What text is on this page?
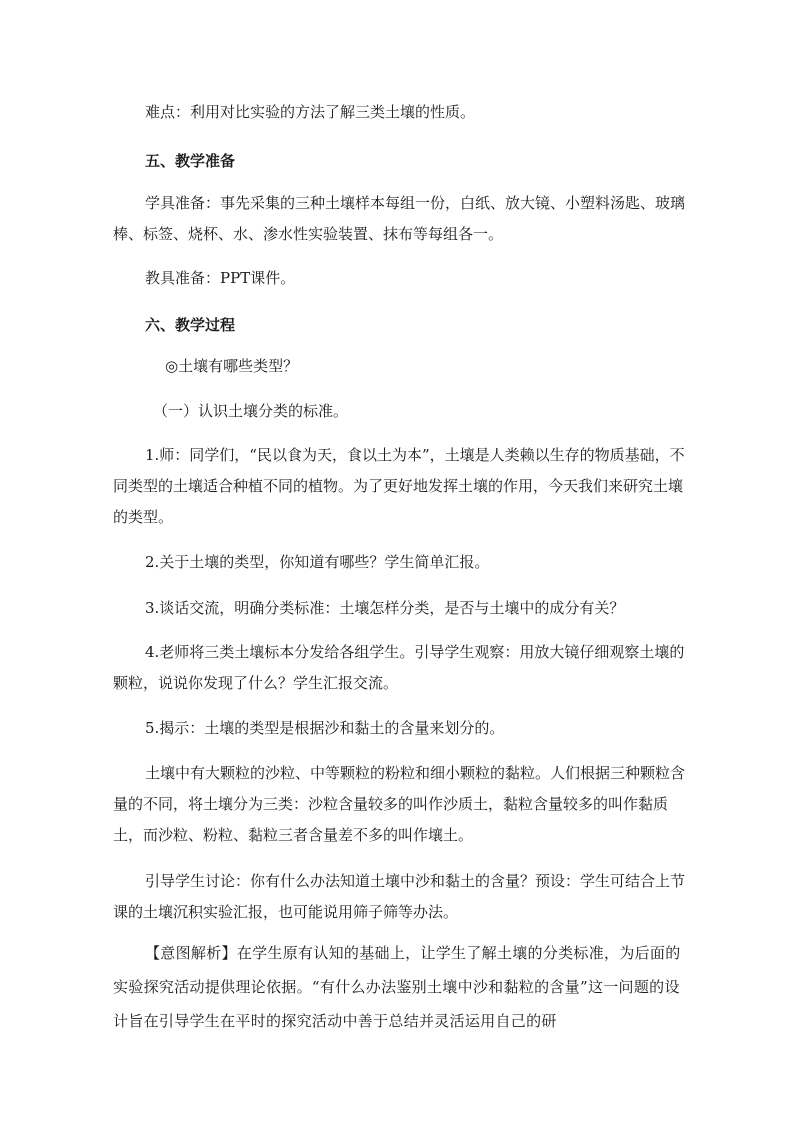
难点：利用对比实验的方法了解三类土壤的性质。

五、教学准备

学具准备：事先采集的三种土壤样本每组一份，白纸、放大镜、小塑料汤匙、玻璃棒、标签、烧杯、水、渗水性实验装置、抹布等每组各一。

教具准备：PPT课件。

六、教学过程

◎土壤有哪些类型？

（一）认识土壤分类的标准。

1.师：同学们，“民以食为天，食以土为本”，土壤是人类赖以生存的物质基础，不同类型的土壤适合种植不同的植物。为了更好地发挥土壤的作用，今天我们来研究土壤的类型。

2.关于土壤的类型，你知道有哪些？学生简单汇报。

3.谈话交流，明确分类标准：土壤怎样分类，是否与土壤中的成分有关？

4.老师将三类土壤标本分发给各组学生。引导学生观察：用放大镜仔细观察土壤的颗粒，说说你发现了什么？学生汇报交流。

5.揭示：土壤的类型是根据沙和黏土的含量来划分的。

土壤中有大颗粒的沙粒、中等颗粒的粉粒和细小颗粒的黏粒。人们根据三种颗粒含量的不同，将土壤分为三类：沙粒含量较多的叫作沙质土，黏粒含量较多的叫作黏质土，而沙粒、粉粒、黏粒三者含量差不多的叫作壤土。

引导学生讨论：你有什么办法知道土壤中沙和黏土的含量？预设：学生可结合上节课的土壤沉积实验汇报，也可能说用筛子筛等办法。

【意图解析】在学生原有认知的基础上，让学生了解土壤的分类标准，为后面的实验探究活动提供理论依据。“有什么办法鉴别土壤中沙和黏粒的含量”这一问题的设计旨在引导学生在平时的探究活动中善于总结并灵活运用自己的研
